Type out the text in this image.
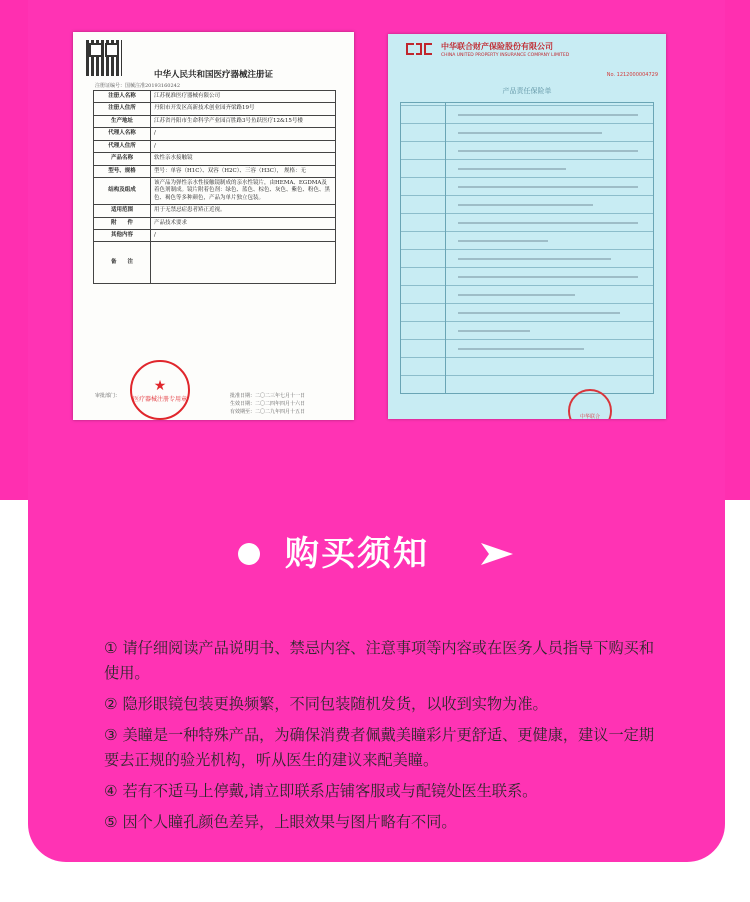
中华人民共和国医疗器械注册证
注册证编号：国械注准20193160242
注册人名称	江苏视准医疗器械有限公司
注册人住所	丹阳市开发区高新技术创业园齐梁路19号
生产地址	江苏省丹阳市生命科学产业园百胜路3号鱼跃医疗12&15号楼
代理人名称	/
代理人住所	/
产品名称	软性亲水接触镜
型号、规格	型号：单容（H1C）、双容（H2C）、三容（H3C）， 规格：无
结构及组成	该产品为弹性亲水性接触镜制成的亲水性镜片，由HEMA、EGDMA及着色剂制成。镜片附着色剂：绿色、蓝色、棕色、灰色、紫色、粉色、黑色、褐色等多种颜色，产品为单片独立包装。
适用范围	用于无禁忌症患者矫正近视。
附　　件	产品技术要求
其他内容	/
备　　注	
审批部门：
★
医疗器械注册专用章	批准日期：二〇二三年七月十一日
生效日期：二〇二四年四月十六日
有效期至：二〇二九年四月十五日
中华联合财产保险股份有限公司
CHINA UNITED PROPERTY INSURANCE COMPANY LIMITED
No. 1212000004729
产品责任保险单
中华联合
购买须知

① 请仔细阅读产品说明书、禁忌内容、注意事项等内容或在医务人员指导下购买和使用。

② 隐形眼镜包装更换频繁，不同包装随机发货，以收到实物为准。

③ 美瞳是一种特殊产品，为确保消费者佩戴美瞳彩片更舒适、更健康，建议一定期要去正规的验光机构，听从医生的建议来配美瞳。

④ 若有不适马上停戴,请立即联系店铺客服或与配镜处医生联系。

⑤ 因个人瞳孔颜色差异，上眼效果与图片略有不同。
